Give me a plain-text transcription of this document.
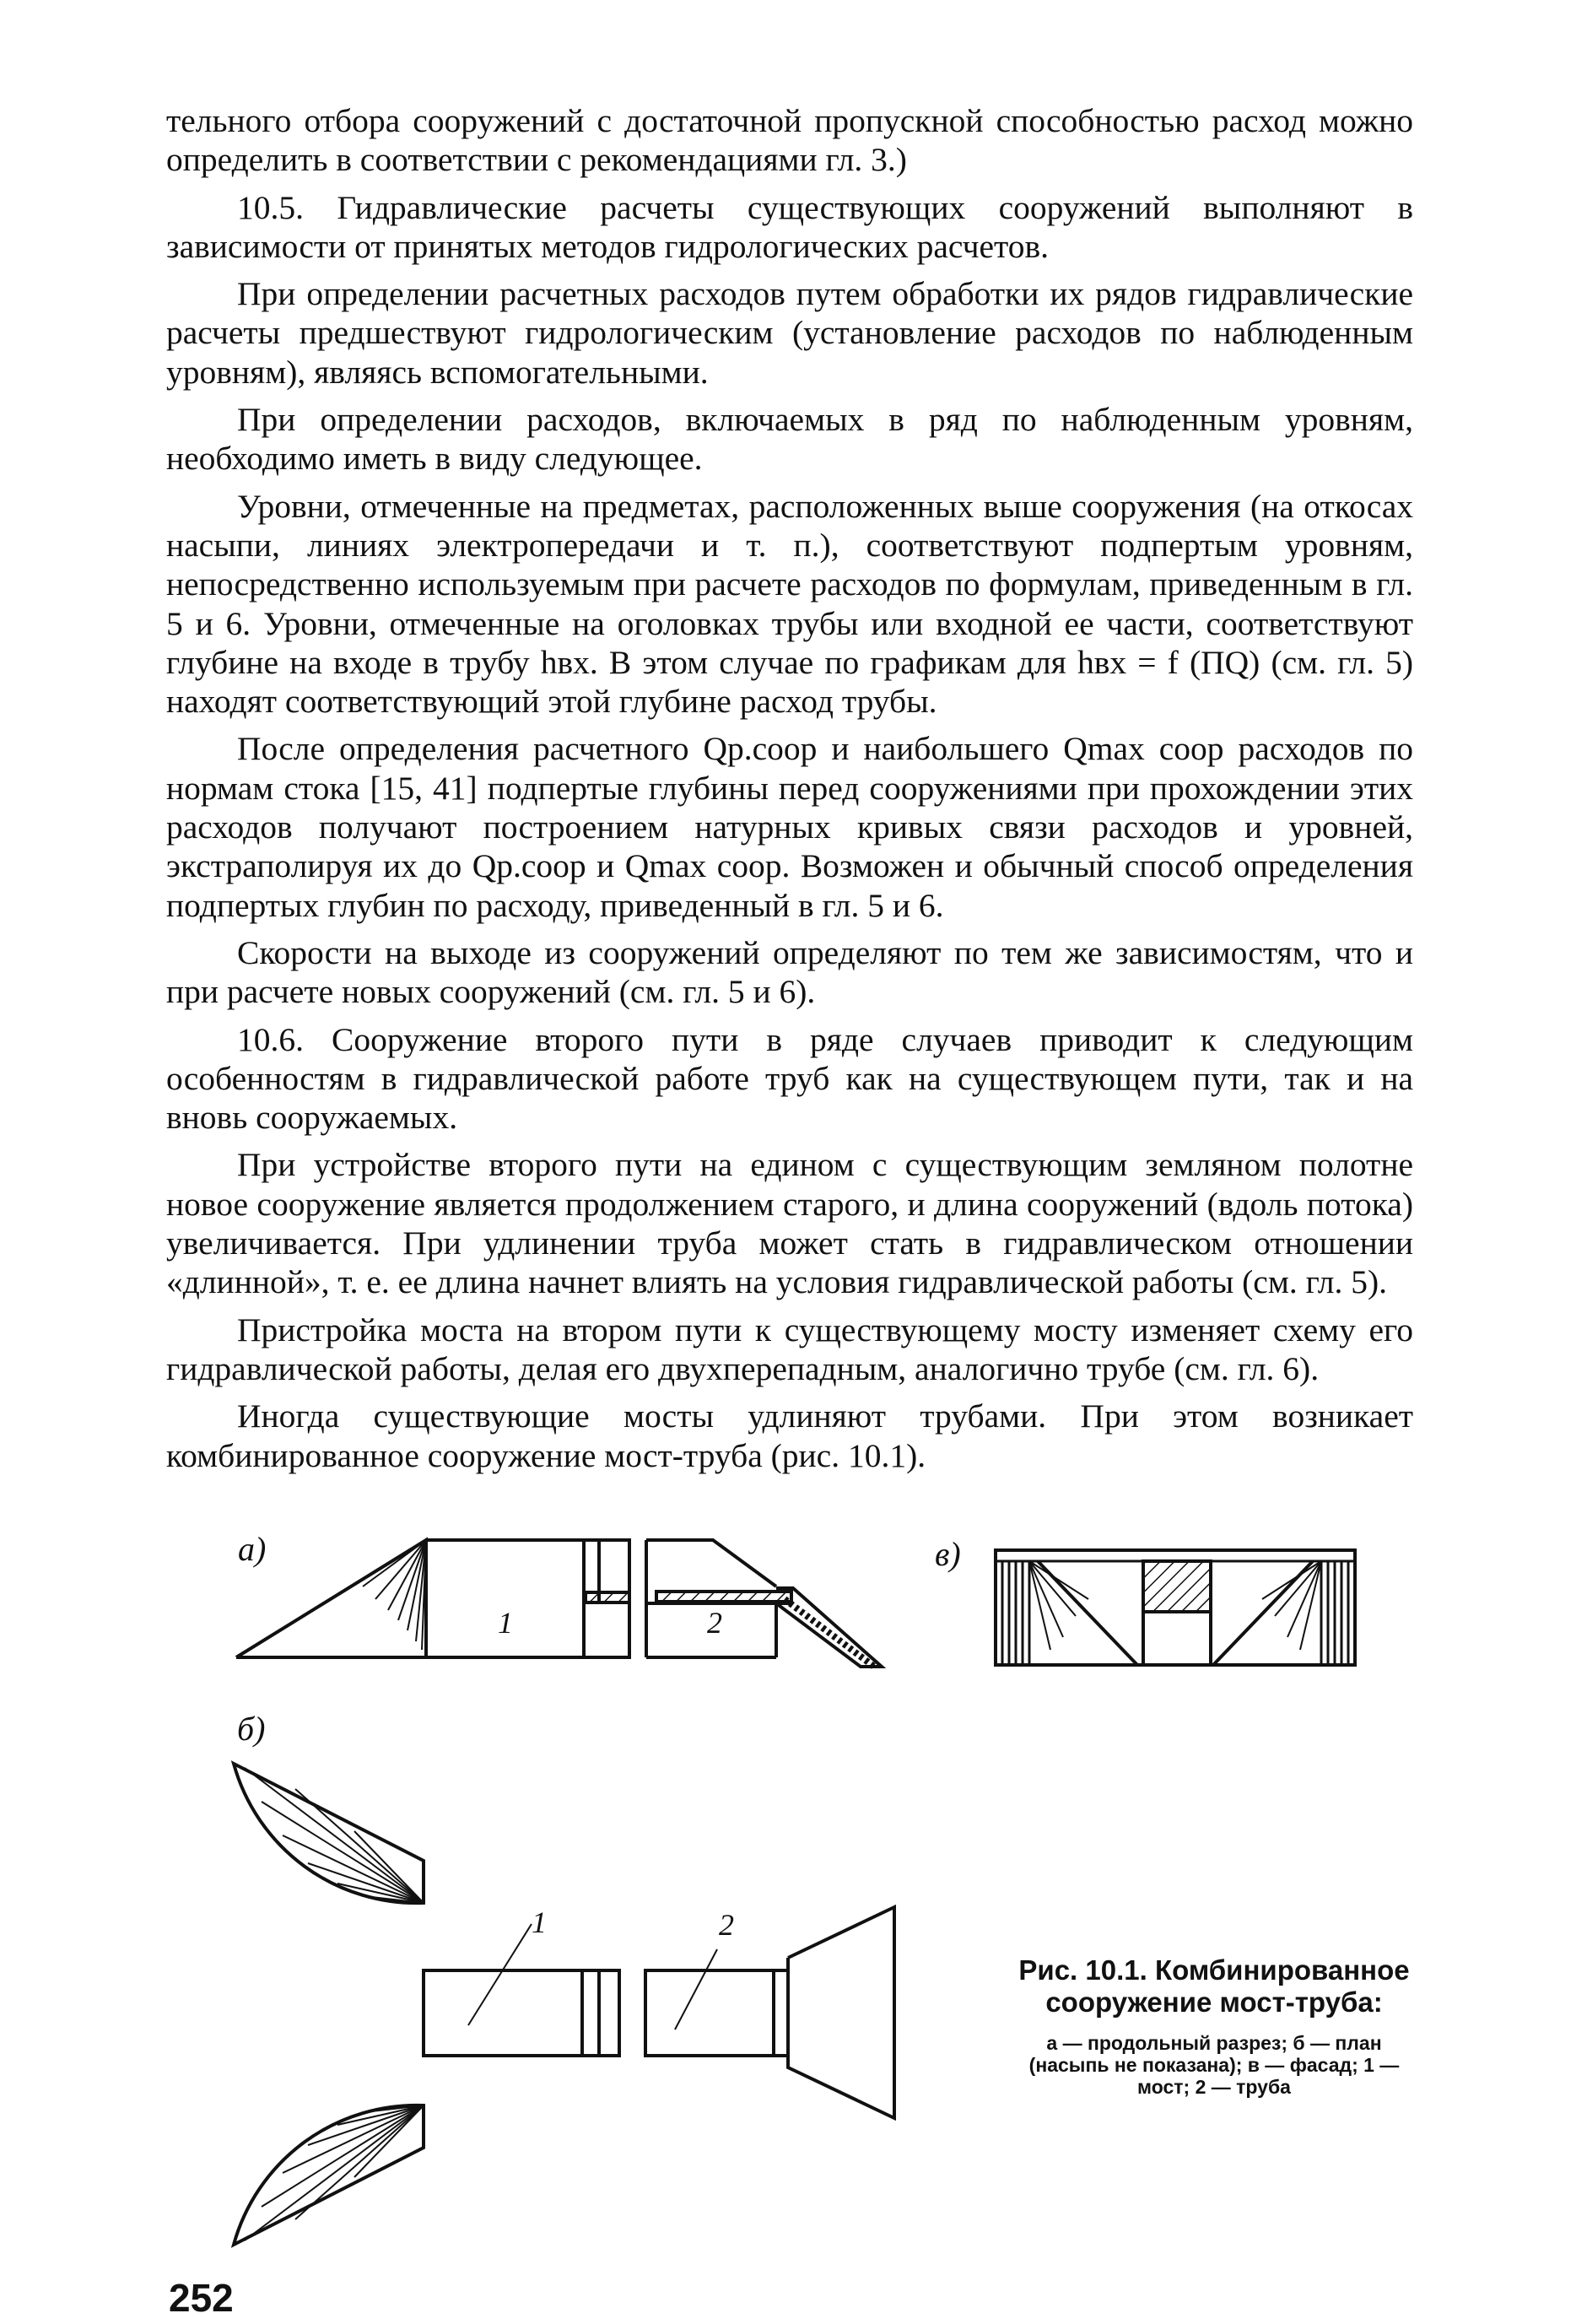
тельного отбора сооружений с достаточной пропускной способностью расход можно определить в соответствии с рекомендациями гл. 3.)

10.5. Гидравлические расчеты существующих сооружений выполняют в зависимости от принятых методов гидрологических расчетов.

При определении расчетных расходов путем обработки их рядов гидравлические расчеты предшествуют гидрологическим (установление расходов по наблюденным уровням), являясь вспомогательными.

При определении расходов, включаемых в ряд по наблюденным уровням, необходимо иметь в виду следующее.

Уровни, отмеченные на предметах, расположенных выше сооружения (на откосах насыпи, линиях электропередачи и т. п.), соответствуют подпертым уровням, непосредственно используемым при расчете расходов по формулам, приведенным в гл. 5 и 6. Уровни, отмеченные на оголовках трубы или входной ее части, соответствуют глубине на входе в трубу hвх. В этом случае по графикам для hвх = f (ПQ) (см. гл. 5) находят соответствующий этой глубине расход трубы.

После определения расчетного Qр.соор и наибольшего Qmax соор расходов по нормам стока [15, 41] подпертые глубины перед сооружениями при прохождении этих расходов получают построением натурных кривых связи расходов и уровней, экстраполируя их до Qр.соор и Qmax соор. Возможен и обычный способ определения подпертых глубин по расходу, приведенный в гл. 5 и 6.

Скорости на выходе из сооружений определяют по тем же зависимостям, что и при расчете новых сооружений (см. гл. 5 и 6).

10.6. Сооружение второго пути в ряде случаев приводит к следующим особенностям в гидравлической работе труб как на существующем пути, так и на вновь сооружаемых.

При устройстве второго пути на едином с существующим земляном полотне новое сооружение является продолжением старого, и длина сооружений (вдоль потока) увеличивается. При удлинении труба может стать в гидравлическом отношении «длинной», т. е. ее длина начнет влиять на условия гидравлической работы (см. гл. 5).

Пристройка моста на втором пути к существующему мосту изменяет схему его гидравлической работы, делая его двухперепадным, аналогично трубе (см. гл. 6).

Иногда существующие мосты удлиняют трубами. При этом возникает комбинированное сооружение мост-труба (рис. 10.1).

1	2
1	2
а)	в)
б)

Рис. 10.1. Комбинированное сооружение мост-труба:

а — продольный разрез; б — план (насыпь не показана); в — фасад; 1 — мост; 2 — труба

252
